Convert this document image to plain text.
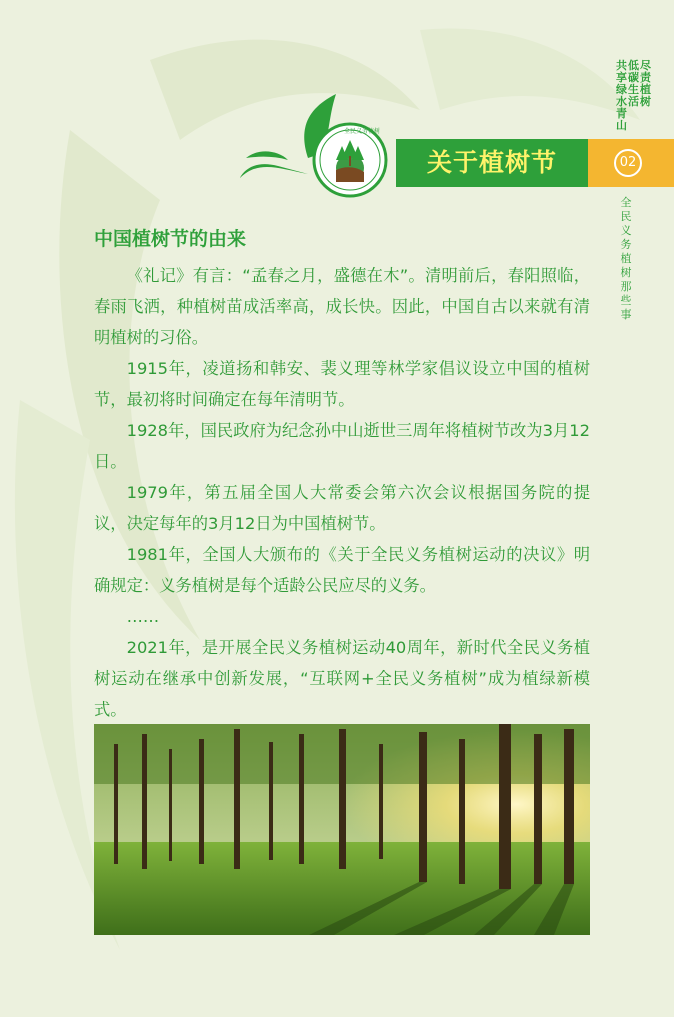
共享绿水青山
低碳生活
尽责植树
关于植树节	02
全民义务植树
全民义务植树那些事
中国植树节的由来

《礼记》有言：“孟春之月，盛德在木”。清明前后，春阳照临，春雨飞洒，种植树苗成活率高，成长快。因此，中国自古以来就有清明植树的习俗。

1915年，凌道扬和韩安、裴义理等林学家倡议设立中国的植树节，最初将时间确定在每年清明节。

1928年，国民政府为纪念孙中山逝世三周年将植树节改为3月12日。

1979年，第五届全国人大常委会第六次会议根据国务院的提议，决定每年的3月12日为中国植树节。

1981年，全国人大颁布的《关于全民义务植树运动的决议》明确规定：义务植树是每个适龄公民应尽的义务。

……

2021年，是开展全民义务植树运动40周年，新时代全民义务植树运动在继承中创新发展，“互联网+全民义务植树”成为植绿新模式。
